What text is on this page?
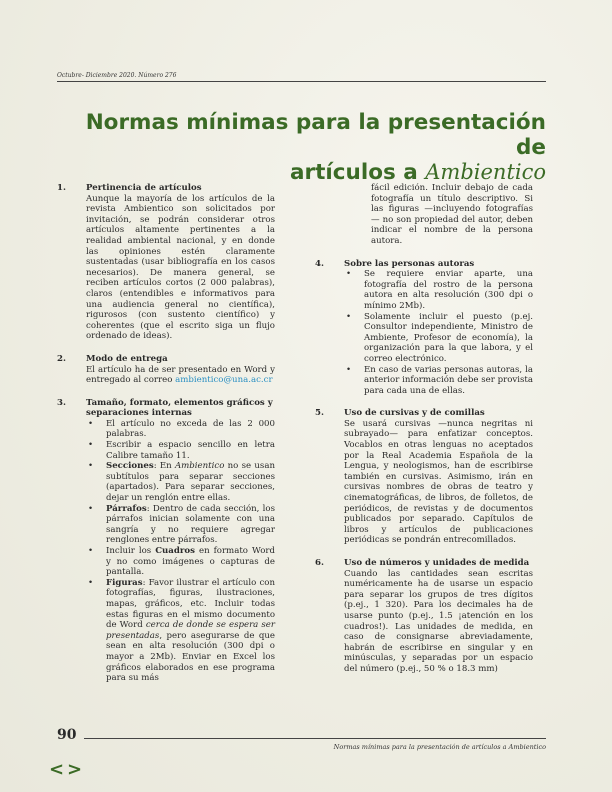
Octubre- Diciembre 2020. Número 276
Normas mínimas para la presentación de
artículos a Ambientico
1. Pertinencia de artículos
Aunque la mayoría de los artículos de la revista Ambientico son solicitados por invitación, se podrán considerar otros artículos altamente pertinentes a la realidad ambiental nacional, y en donde las opiniones estén claramente sustentadas (usar bibliografía en los casos necesarios). De manera general, se reciben artículos cortos (2 000 palabras), claros (entendibles e informativos para una audiencia general no científica), rigurosos (con sustento científico) y coherentes (que el escrito siga un flujo ordenado de ideas).
2. Modo de entrega
El artículo ha de ser presentado en Word y entregado al correo ambientico@una.ac.cr
3. Tamaño, formato, elementos gráficos y separaciones internas
• El artículo no exceda de las 2 000 palabras.
• Escribir a espacio sencillo en letra Calibre tamaño 11.
• Secciones: En Ambientico no se usan subtítulos para separar secciones (apartados). Para separar secciones, dejar un renglón entre ellas.
• Párrafos: Dentro de cada sección, los párrafos inician solamente con una sangría y no requiere agregar renglones entre párrafos.
• Incluir los Cuadros en formato Word y no como imágenes o capturas de pantalla.
• Figuras: Favor ilustrar el artículo con fotografías, figuras, ilustraciones, mapas, gráficos, etc. Incluir todas estas figuras en el mismo documento de Word cerca de donde se espera ser presentadas, pero asegurarse de que sean en alta resolución (300 dpi o mayor a 2Mb). Enviar en Excel los gráficos elaborados en ese programa para su más
fácil edición. Incluir debajo de cada fotografía un título descriptivo. Si las figuras —incluyendo fotografías— no son propiedad del autor, deben indicar el nombre de la persona autora.
4. Sobre las personas autoras
• Se requiere enviar aparte, una fotografía del rostro de la persona autora en alta resolución (300 dpi o mínimo 2Mb).
• Solamente incluir el puesto (p.ej. Consultor independiente, Ministro de Ambiente, Profesor de economía), la organización para la que labora, y el correo electrónico.
• En caso de varias personas autoras, la anterior información debe ser provista para cada una de ellas.
5. Uso de cursivas y de comillas
Se usará cursivas —nunca negritas ni subrayado— para enfatizar conceptos. Vocablos en otras lenguas no aceptados por la Real Academia Española de la Lengua, y neologismos, han de escribirse también en cursivas. Asimismo, irán en cursivas nombres de obras de teatro y cinematográficas, de libros, de folletos, de periódicos, de revistas y de documentos publicados por separado. Capítulos de libros y artículos de publicaciones periódicas se pondrán entrecomillados.
6. Uso de números y unidades de medida
Cuando las cantidades sean escritas numéricamente ha de usarse un espacio para separar los grupos de tres dígitos (p.ej., 1 320). Para los decimales ha de usarse punto (p.ej., 1.5 ¡atención en los cuadros!). Las unidades de medida, en caso de consignarse abreviadamente, habrán de escribirse en singular y en minúsculas, y separadas por un espacio del número (p.ej., 50 % o 18.3 mm)
90
Normas mínimas para la presentación de artículos a Ambientico
< >
